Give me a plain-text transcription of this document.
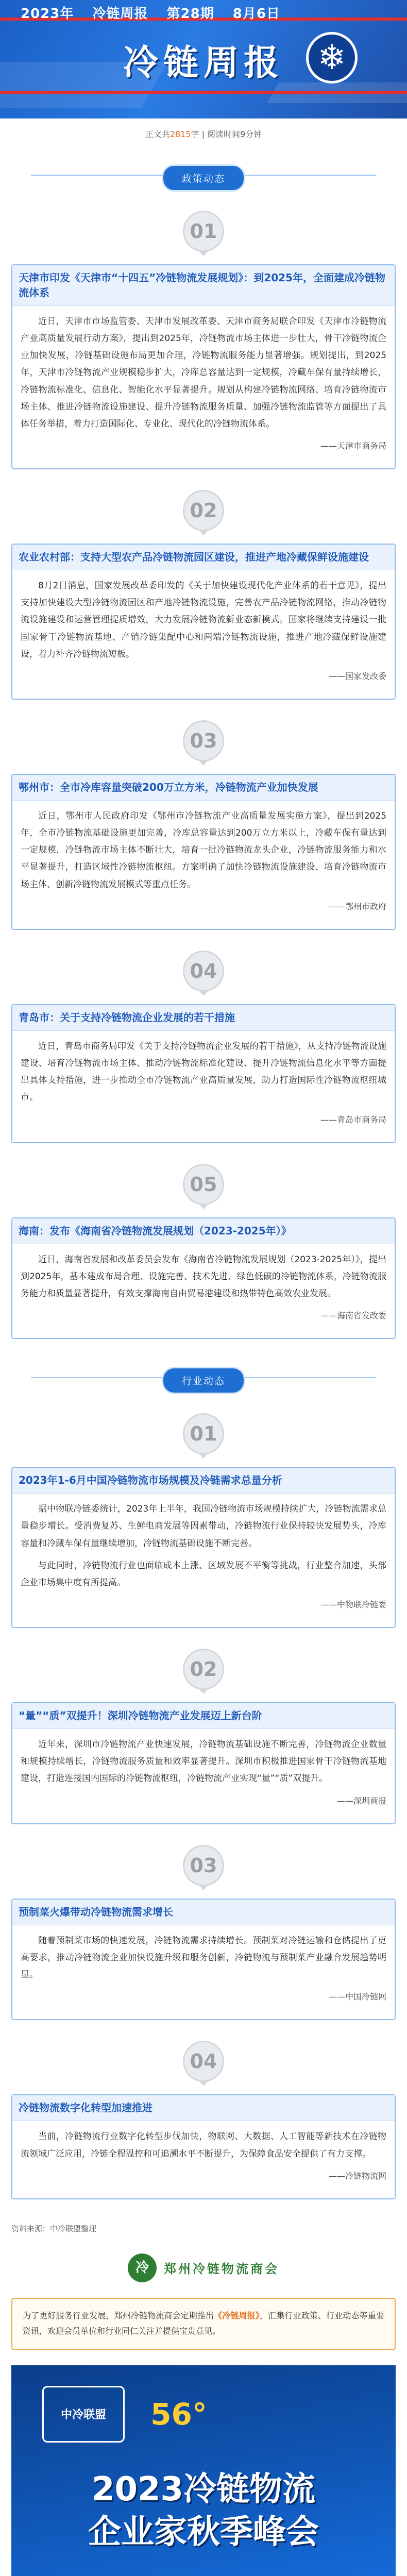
2023年 冷链周报 第28期 8月6日
冷链周报 ❄
正文共2815字 | 阅读时间9分钟
政策动态
01
天津市印发《天津市“十四五”冷链物流发展规划》：到2025年，全面建成冷链物流体系

近日，天津市市场监管委、天津市发展改革委、天津市商务局联合印发《天津市冷链物流产业高质量发展行动方案》，提出到2025年，冷链物流市场主体进一步壮大，骨干冷链物流企业加快发展，冷链基础设施布局更加合理，冷链物流服务能力显著增强。规划提出，到2025年，天津市冷链物流产业规模稳步扩大，冷库总容量达到一定规模，冷藏车保有量持续增长，冷链物流标准化、信息化、智能化水平显著提升。规划从构建冷链物流网络、培育冷链物流市场主体、推进冷链物流设施建设、提升冷链物流服务质量、加强冷链物流监管等方面提出了具体任务举措，着力打造国际化、专业化、现代化的冷链物流体系。

——天津市商务局

02
农业农村部：支持大型农产品冷链物流园区建设，推进产地冷藏保鲜设施建设

8月2日消息，国家发展改革委印发的《关于加快建设现代化产业体系的若干意见》，提出支持加快建设大型冷链物流园区和产地冷链物流设施，完善农产品冷链物流网络，推动冷链物流设施建设和运营管理提质增效，大力发展冷链物流新业态新模式。国家将继续支持建设一批国家骨干冷链物流基地、产销冷链集配中心和两端冷链物流设施，推进产地冷藏保鲜设施建设，着力补齐冷链物流短板。

——国家发改委

03
鄂州市：全市冷库容量突破200万立方米，冷链物流产业加快发展

近日，鄂州市人民政府印发《鄂州市冷链物流产业高质量发展实施方案》，提出到2025年，全市冷链物流基础设施更加完善，冷库总容量达到200万立方米以上，冷藏车保有量达到一定规模，冷链物流市场主体不断壮大，培育一批冷链物流龙头企业，冷链物流服务能力和水平显著提升，打造区域性冷链物流枢纽。方案明确了加快冷链物流设施建设、培育冷链物流市场主体、创新冷链物流发展模式等重点任务。

——鄂州市政府

04
青岛市：关于支持冷链物流企业发展的若干措施

近日，青岛市商务局印发《关于支持冷链物流企业发展的若干措施》，从支持冷链物流设施建设、培育冷链物流市场主体、推动冷链物流标准化建设、提升冷链物流信息化水平等方面提出具体支持措施，进一步推动全市冷链物流产业高质量发展，助力打造国际性冷链物流枢纽城市。

——青岛市商务局

05
海南：发布《海南省冷链物流发展规划（2023-2025年）》

近日，海南省发展和改革委员会发布《海南省冷链物流发展规划（2023-2025年）》，提出到2025年，基本建成布局合理、设施完善、技术先进、绿色低碳的冷链物流体系，冷链物流服务能力和质量显著提升，有效支撑海南自由贸易港建设和热带特色高效农业发展。

——海南省发改委

行业动态
01
2023年1-6月中国冷链物流市场规模及冷链需求总量分析

据中物联冷链委统计，2023年上半年，我国冷链物流市场规模持续扩大，冷链物流需求总量稳步增长。受消费复苏、生鲜电商发展等因素带动，冷链物流行业保持较快发展势头，冷库容量和冷藏车保有量继续增加，冷链物流基础设施不断完善。

与此同时，冷链物流行业也面临成本上涨、区域发展不平衡等挑战，行业整合加速，头部企业市场集中度有所提高。

——中物联冷链委

02
“量”“质”双提升！深圳冷链物流产业发展迈上新台阶

近年来，深圳市冷链物流产业快速发展，冷链物流基础设施不断完善，冷链物流企业数量和规模持续增长，冷链物流服务质量和效率显著提升。深圳市积极推进国家骨干冷链物流基地建设，打造连接国内国际的冷链物流枢纽，冷链物流产业实现“量”“质”双提升。

——深圳商报

03
预制菜火爆带动冷链物流需求增长

随着预制菜市场的快速发展，冷链物流需求持续增长。预制菜对冷链运输和仓储提出了更高要求，推动冷链物流企业加快设施升级和服务创新，冷链物流与预制菜产业融合发展趋势明显。

——中国冷链网

04
冷链物流数字化转型加速推进

当前，冷链物流行业数字化转型步伐加快，物联网、大数据、人工智能等新技术在冷链物流领域广泛应用，冷链全程温控和可追溯水平不断提升，为保障食品安全提供了有力支撑。

——冷链物流网

资料来源：中冷联盟整理
冷	郑州冷链物流商会
为了更好服务行业发展，郑州冷链物流商会定期推出《冷链周报》，汇集行业政策、行业动态等重要资讯，欢迎会员单位和行业同仁关注并提供宝贵意见。
中冷联盟	56°
2023冷链物流
企业家秋季峰会
